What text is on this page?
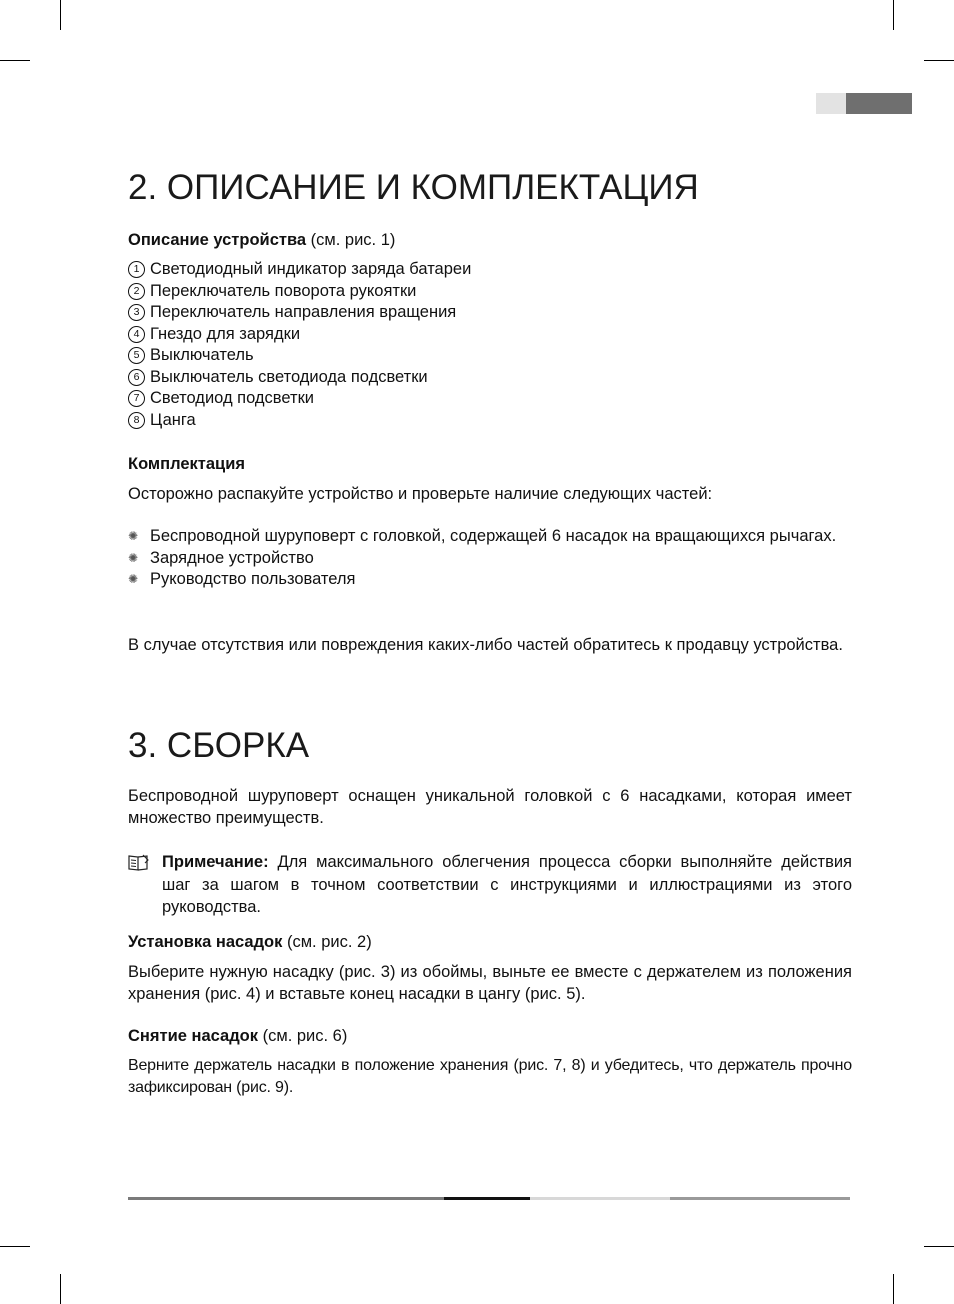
2. ОПИСАНИЕ И КОМПЛЕКТАЦИЯ
Описание устройства (см. рис. 1)
1 Светодиодный индикатор заряда батареи
2 Переключатель поворота рукоятки
3 Переключатель направления вращения
4 Гнездо для зарядки
5 Выключатель
6 Выключатель светодиода подсветки
7 Светодиод подсветки
8 Цанга
Комплектация
Осторожно распакуйте устройство и проверьте наличие следующих частей:
✺ Беспроводной шуруповерт с головкой, содержащей 6 насадок на вращающихся рычагах.
✺ Зарядное устройство
✺ Руководство пользователя
В случае отсутствия или повреждения каких-либо частей обратитесь к продавцу устройства.
3. СБОРКА
Беспроводной шуруповерт оснащен уникальной головкой с 6 насадками, которая имеет множество преимуществ.
Примечание: Для максимального облегчения процесса сборки выполняйте действия шаг за шагом в точном соответствии с инструкциями и иллюстрациями из этого руководства.
Установка насадок (см. рис. 2)
Выберите нужную насадку (рис. 3) из обоймы, выньте ее вместе с держателем из положения хранения (рис. 4) и вставьте конец насадки в цангу (рис. 5).
Снятие насадок (см. рис. 6)
Верните держатель насадки в положение хранения (рис. 7, 8) и убедитесь, что держатель прочно зафиксирован (рис. 9).
